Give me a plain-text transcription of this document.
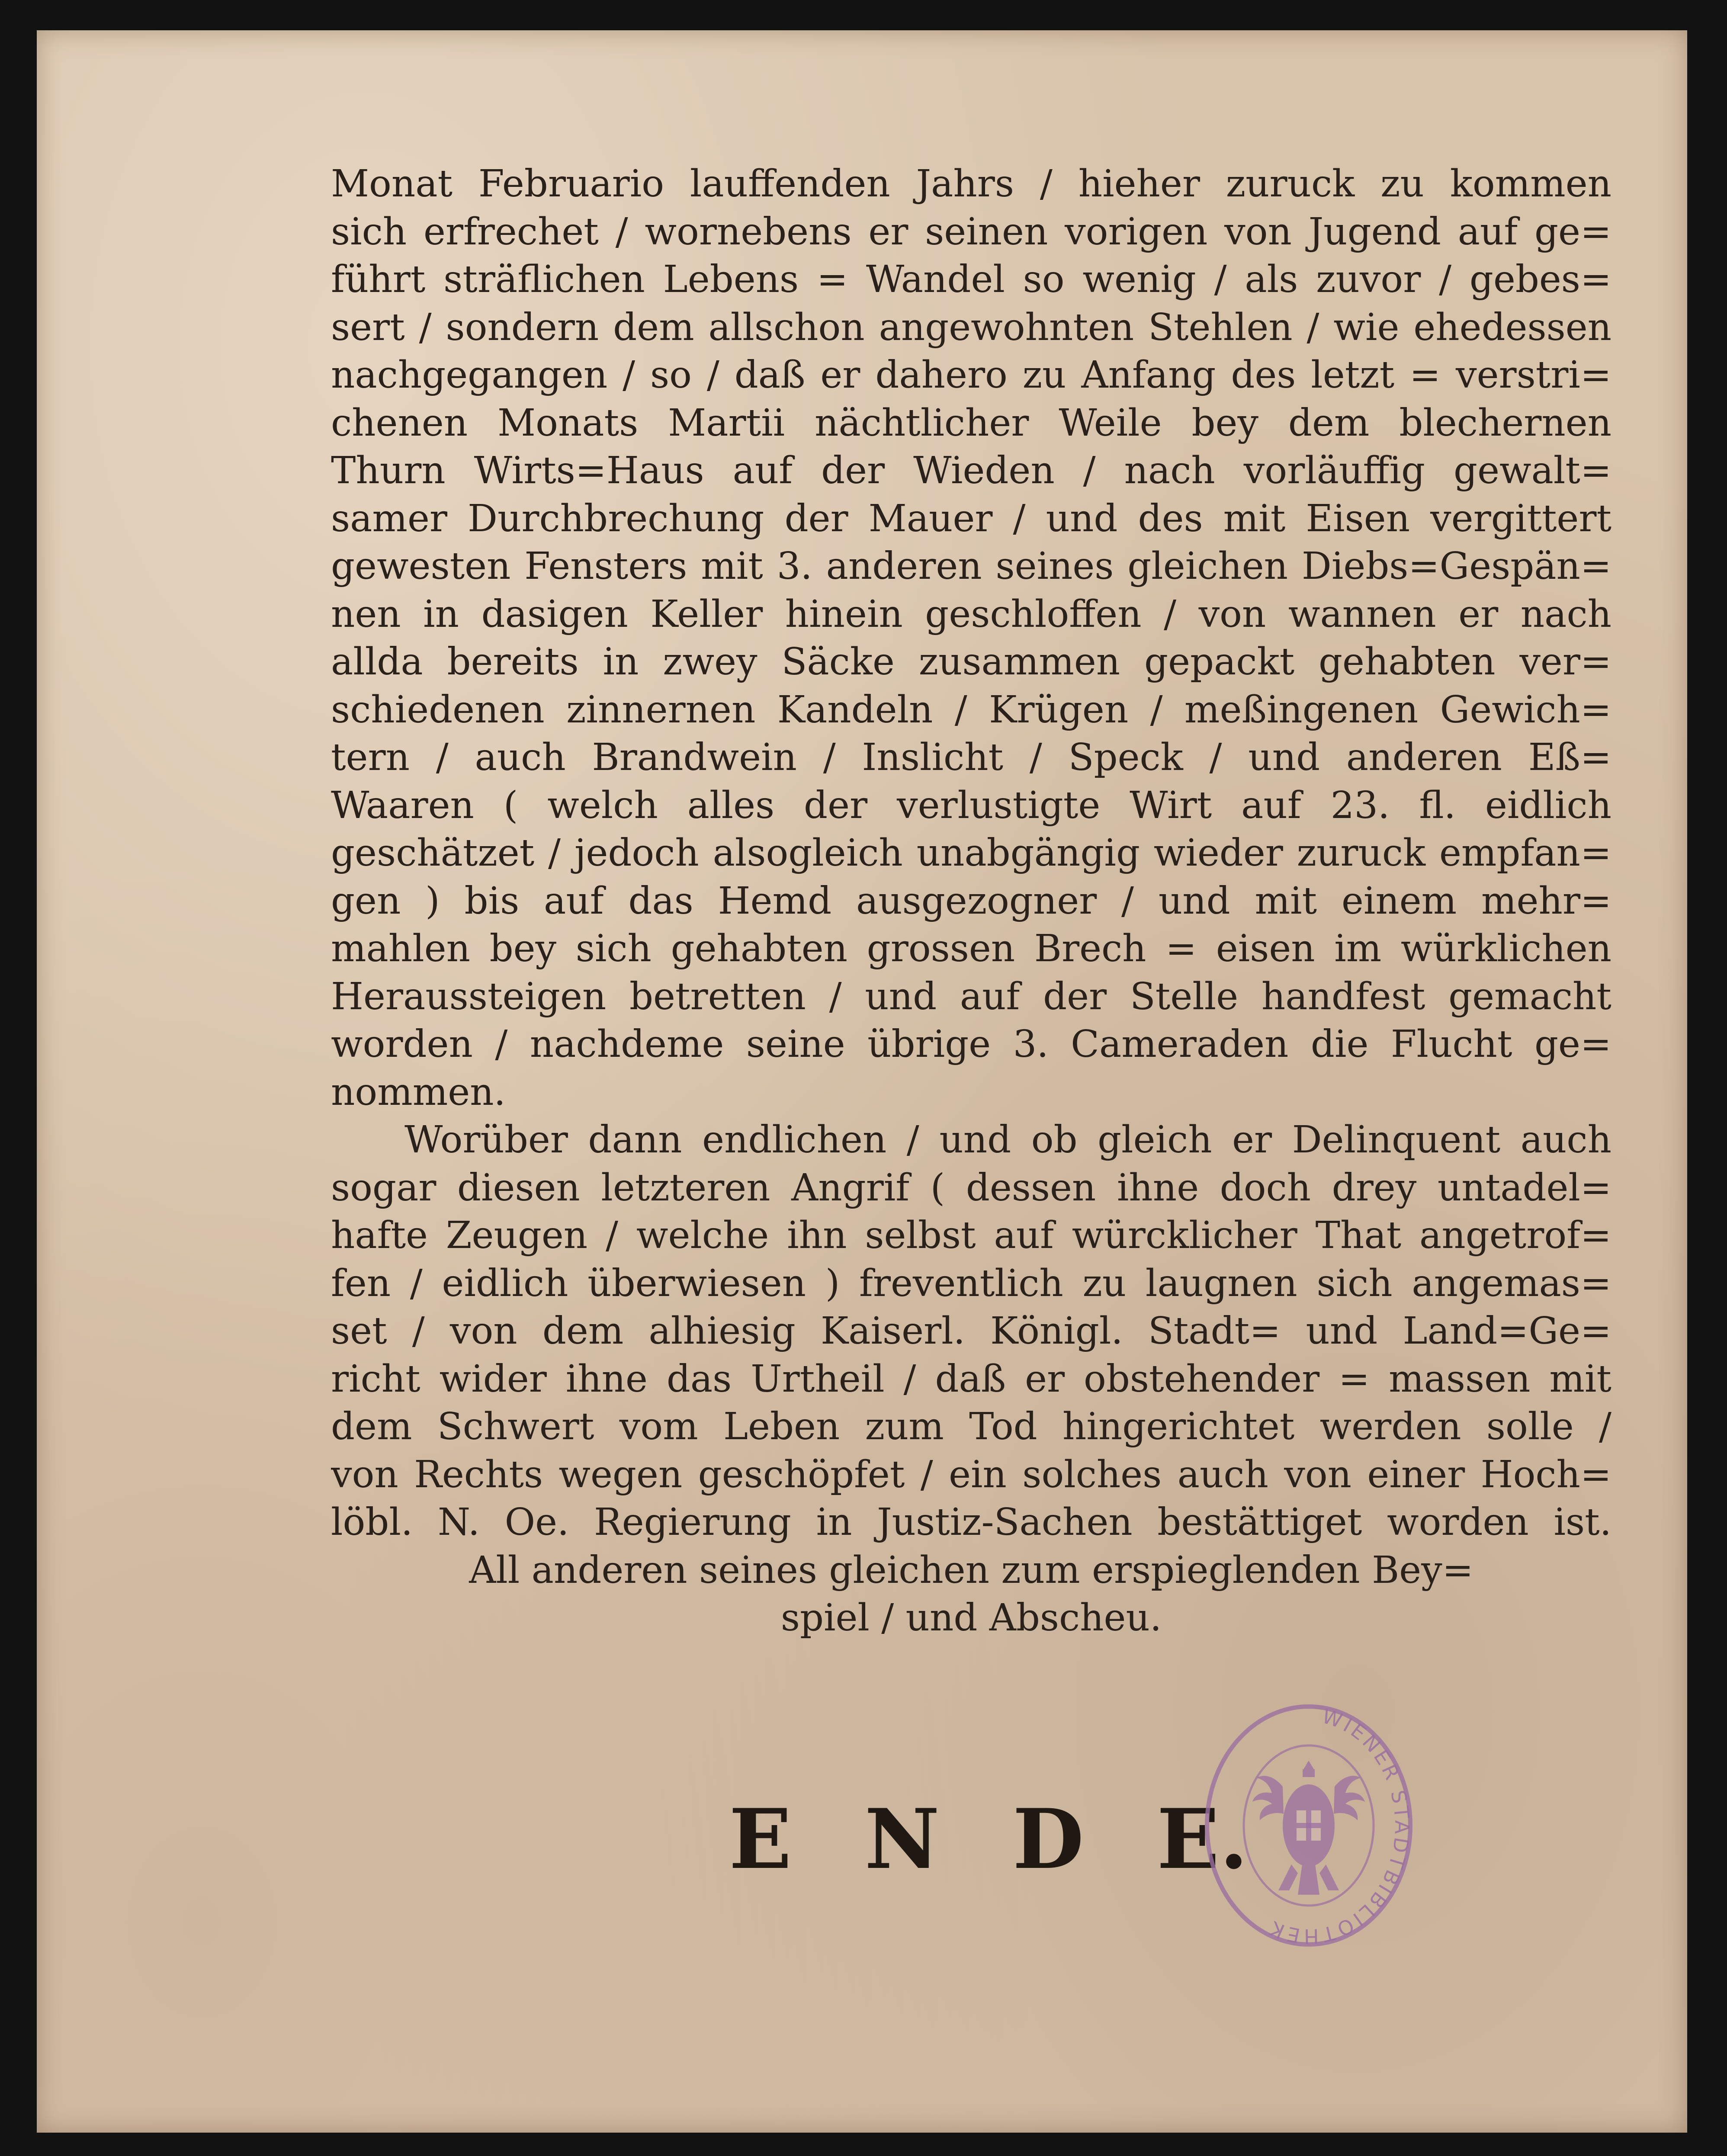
Monat Februario lauffenden Jahrs / hieher zuruck zu kommen
sich erfrechet / wornebens er seinen vorigen von Jugend auf ge=
führt sträflichen Lebens = Wandel so wenig / als zuvor / gebes=
sert / sondern dem allschon angewohnten Stehlen / wie ehedessen
nachgegangen / so / daß er dahero zu Anfang des letzt = verstri=
chenen Monats Martii nächtlicher Weile bey dem blechernen
Thurn Wirts=Haus auf der Wieden / nach vorläuffig gewalt=
samer Durchbrechung der Mauer / und des mit Eisen vergittert
gewesten Fensters mit 3. anderen seines gleichen Diebs=Gespän=
nen in dasigen Keller hinein geschloffen / von wannen er nach
allda bereits in zwey Säcke zusammen gepackt gehabten ver=
schiedenen zinnernen Kandeln / Krügen / meßingenen Gewich=
tern / auch Brandwein / Inslicht / Speck / und anderen Eß=
Waaren ( welch alles der verlustigte Wirt auf 23. fl. eidlich
geschätzet / jedoch alsogleich unabgängig wieder zuruck empfan=
gen ) bis auf das Hemd ausgezogner / und mit einem mehr=
mahlen bey sich gehabten grossen Brech = eisen im würklichen
Heraussteigen betretten / und auf der Stelle handfest gemacht
worden / nachdeme seine übrige 3. Cameraden die Flucht ge=
nommen.
Worüber dann endlichen / und ob gleich er Delinquent auch
sogar diesen letzteren Angrif ( dessen ihne doch drey untadel=
hafte Zeugen / welche ihn selbst auf würcklicher That angetrof=
fen / eidlich überwiesen ) freventlich zu laugnen sich angemas=
set / von dem alhiesig Kaiserl. Königl. Stadt= und Land=Ge=
richt wider ihne das Urtheil / daß er obstehender = massen mit
dem Schwert vom Leben zum Tod hingerichtet werden solle /
von Rechts wegen geschöpfet / ein solches auch von einer Hoch=
löbl. N. Oe. Regierung in Justiz-Sachen bestättiget worden ist.
All anderen seines gleichen zum erspieglenden Bey=
spiel / und Abscheu.
E N D E.
WIENER STADTBIBLIOTHEK
